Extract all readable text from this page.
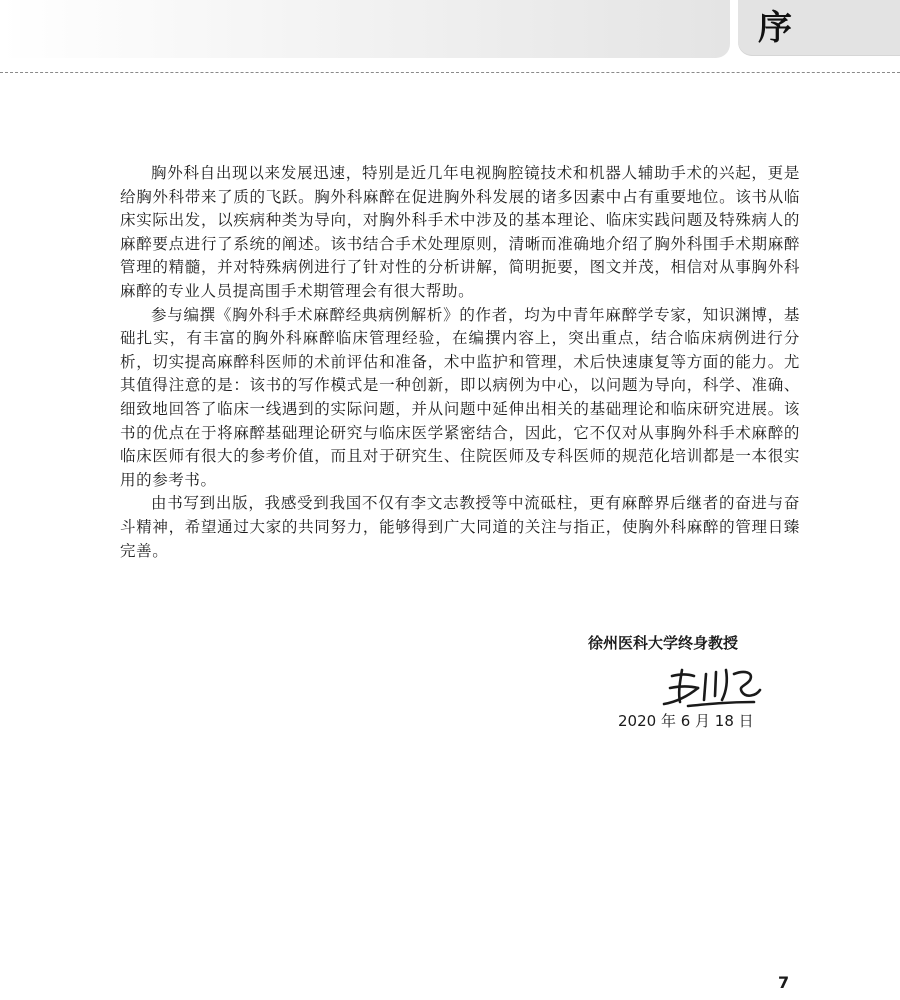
序

胸外科自出现以来发展迅速，特别是近几年电视胸腔镜技术和机器人辅助手术的兴起，更是给胸外科带来了质的飞跃。胸外科麻醉在促进胸外科发展的诸多因素中占有重要地位。该书从临床实际出发，以疾病种类为导向，对胸外科手术中涉及的基本理论、临床实践问题及特殊病人的麻醉要点进行了系统的阐述。该书结合手术处理原则，清晰而准确地介绍了胸外科围手术期麻醉管理的精髓，并对特殊病例进行了针对性的分析讲解，简明扼要，图文并茂，相信对从事胸外科麻醉的专业人员提高围手术期管理会有很大帮助。

参与编撰《胸外科手术麻醉经典病例解析》的作者，均为中青年麻醉学专家，知识渊博，基础扎实，有丰富的胸外科麻醉临床管理经验，在编撰内容上，突出重点，结合临床病例进行分析，切实提高麻醉科医师的术前评估和准备，术中监护和管理，术后快速康复等方面的能力。尤其值得注意的是：该书的写作模式是一种创新，即以病例为中心，以问题为导向，科学、准确、细致地回答了临床一线遇到的实际问题，并从问题中延伸出相关的基础理论和临床研究进展。该书的优点在于将麻醉基础理论研究与临床医学紧密结合，因此，它不仅对从事胸外科手术麻醉的临床医师有很大的参考价值，而且对于研究生、住院医师及专科医师的规范化培训都是一本很实用的参考书。

由书写到出版，我感受到我国不仅有李文志教授等中流砥柱，更有麻醉界后继者的奋进与奋斗精神，希望通过大家的共同努力，能够得到广大同道的关注与指正，使胸外科麻醉的管理日臻完善。

徐州医科大学终身教授
2020 年 6 月 18 日
7
